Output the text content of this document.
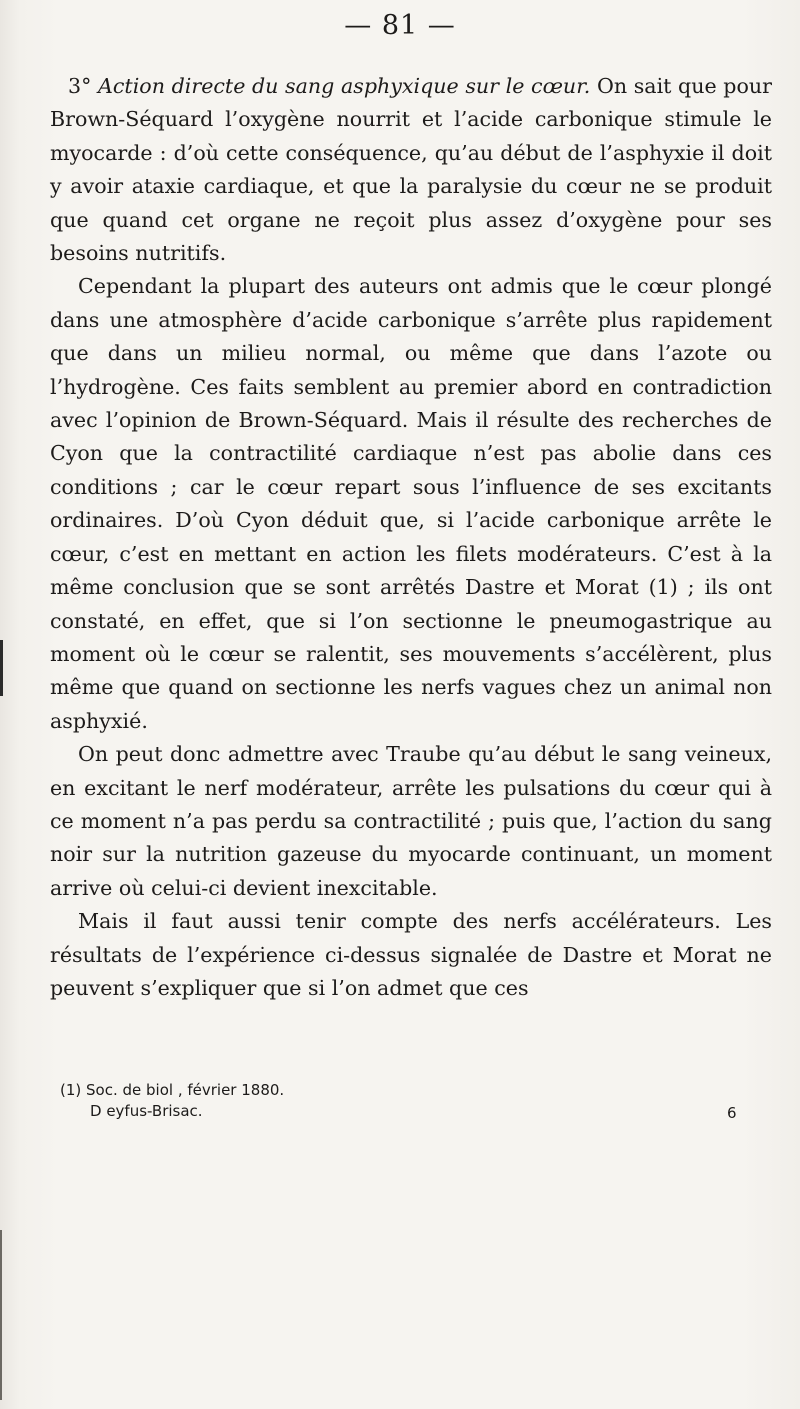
— 81 —

3° Action directe du sang asphyxique sur le cœur. On sait que pour Brown-Séquard l’oxygène nourrit et l’acide carbonique stimule le myocarde : d’où cette conséquence, qu’au début de l’asphyxie il doit y avoir ataxie cardiaque, et que la paralysie du cœur ne se produit que quand cet organe ne reçoit plus assez d’oxygène pour ses besoins nutritifs.

Cependant la plupart des auteurs ont admis que le cœur plongé dans une atmosphère d’acide carbonique s’arrête plus rapidement que dans un milieu normal, ou même que dans l’azote ou l’hydrogène. Ces faits semblent au premier abord en contradiction avec l’opinion de Brown-Séquard. Mais il résulte des recherches de Cyon que la contractilité cardiaque n’est pas abolie dans ces conditions ; car le cœur repart sous l’influence de ses excitants ordinaires. D’où Cyon déduit que, si l’acide carbonique arrête le cœur, c’est en mettant en action les filets modérateurs. C’est à la même conclusion que se sont arrêtés Dastre et Morat (1) ; ils ont constaté, en effet, que si l’on sectionne le pneumogastrique au moment où le cœur se ralentit, ses mouvements s’accélèrent, plus même que quand on sectionne les nerfs vagues chez un animal non asphyxié.

On peut donc admettre avec Traube qu’au début le sang veineux, en excitant le nerf modérateur, arrête les pulsations du cœur qui à ce moment n’a pas perdu sa contractilité ; puis que, l’action du sang noir sur la nutrition gazeuse du myocarde continuant, un moment arrive où celui-ci devient inexcitable.

Mais il faut aussi tenir compte des nerfs accélérateurs. Les résultats de l’expérience ci-dessus signalée de Dastre et Morat ne peuvent s’expliquer que si l’on admet que ces

(1) Soc. de biol , février 1880.

D eyfus-Brisac.	6
